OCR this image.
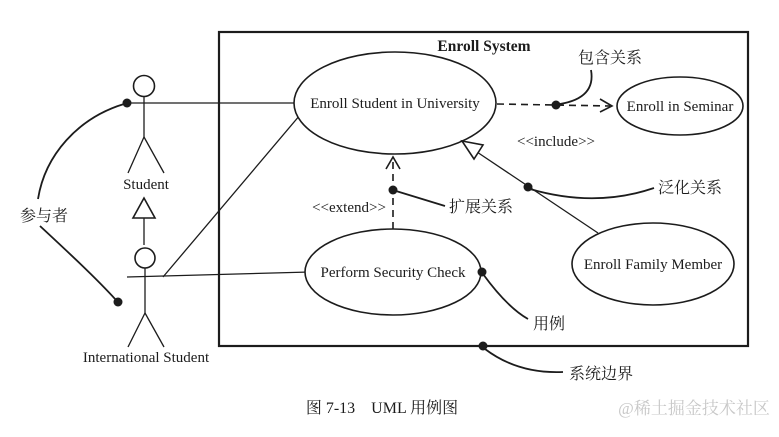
Enroll System
Enroll Student in University	Enroll in Seminar
Perform Security Check	Enroll Family Member
Student
International Student
<<include>>
<<extend>>
包含关系
扩展关系
泛化关系
用例
系统边界
参与者
图 7-13　UML 用例图	@稀土掘金技术社区
